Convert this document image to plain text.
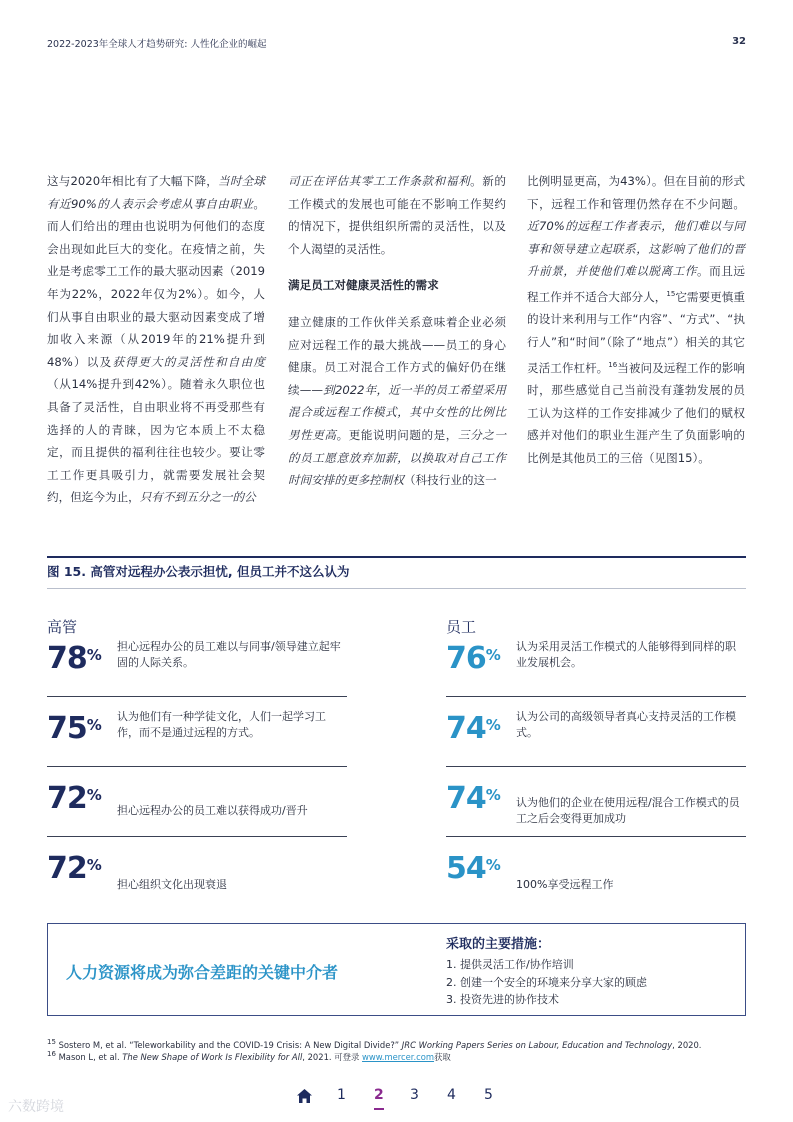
2022-2023年全球人才趋势研究: 人性化企业的崛起	32

这与2020年相比有了大幅下降，当时全球有近90%的人表示会考虑从事自由职业。而人们给出的理由也说明为何他们的态度会出现如此巨大的变化。在疫情之前，失业是考虑零工工作的最大驱动因素（2019年为22%，2022年仅为2%）。如今，人们从事自由职业的最大驱动因素变成了增加收入来源（从2019年的21%提升到48%）以及获得更大的灵活性和自由度（从14%提升到42%）。随着永久职位也具备了灵活性，自由职业将不再受那些有选择的人的青睐，因为它本质上不太稳定，而且提供的福利往往也较少。要让零工工作更具吸引力，就需要发展社会契约，但迄今为止，只有不到五分之一的公

司正在评估其零工工作条款和福利。新的工作模式的发展也可能在不影响工作契约的情况下，提供组织所需的灵活性，以及个人渴望的灵活性。

满足员工对健康灵活性的需求

建立健康的工作伙伴关系意味着企业必须应对远程工作的最大挑战——员工的身心健康。员工对混合工作方式的偏好仍在继续——到2022年，近一半的员工希望采用混合或远程工作模式，其中女性的比例比男性更高。更能说明问题的是，三分之一的员工愿意放弃加薪，以换取对自己工作时间安排的更多控制权（科技行业的这一

比例明显更高，为43%）。但在目前的形式下，远程工作和管理仍然存在不少问题。近70%的远程工作者表示，他们难以与同事和领导建立起联系，这影响了他们的晋升前景，并使他们难以脱离工作。而且远程工作并不适合大部分人，$^{15}$它需要更慎重的设计来利用与工作“内容”、“方式”、“执行人”和“时间”（除了“地点”）相关的其它灵活工作杠杆。$^{16}$当被问及远程工作的影响时，那些感觉自己当前没有蓬勃发展的员工认为这样的工作安排减少了他们的赋权感并对他们的职业生涯产生了负面影响的比例是其他员工的三倍（见图15）。

图 15. 高管对远程办公表示担忧, 但员工并不这么认为
高管	员工
78% 担心远程办公的员工难以与同事/领导建立起牢固的人际关系。
75% 认为他们有一种学徒文化，人们一起学习工作，而不是通过远程的方式。
72%
担心远程办公的员工难以获得成功/晋升
72%
担心组织文化出现衰退
76% 认为采用灵活工作模式的人能够得到同样的职业发展机会。
74% 认为公司的高级领导者真心支持灵活的工作模式。
74% 认为他们的企业在使用远程/混合工作模式的员工之后会变得更加成功
54%
100%享受远程工作
人力资源将成为弥合差距的关键中介者
采取的主要措施：
1. 提供灵活工作/协作培训
2. 创建一个安全的环境来分享大家的顾虑
3. 投资先进的协作技术
$^{15}$ Sostero M, et al. “Teleworkability and the COVID-19 Crisis: A New Digital Divide?” JRC Working Papers Series on Labour, Education and Technology, 2020.
$^{16}$ Mason L, et al. The New Shape of Work Is Flexibility for All, 2021. 可登录 www.mercer.com获取
1 2 3 4 5
六数跨境
